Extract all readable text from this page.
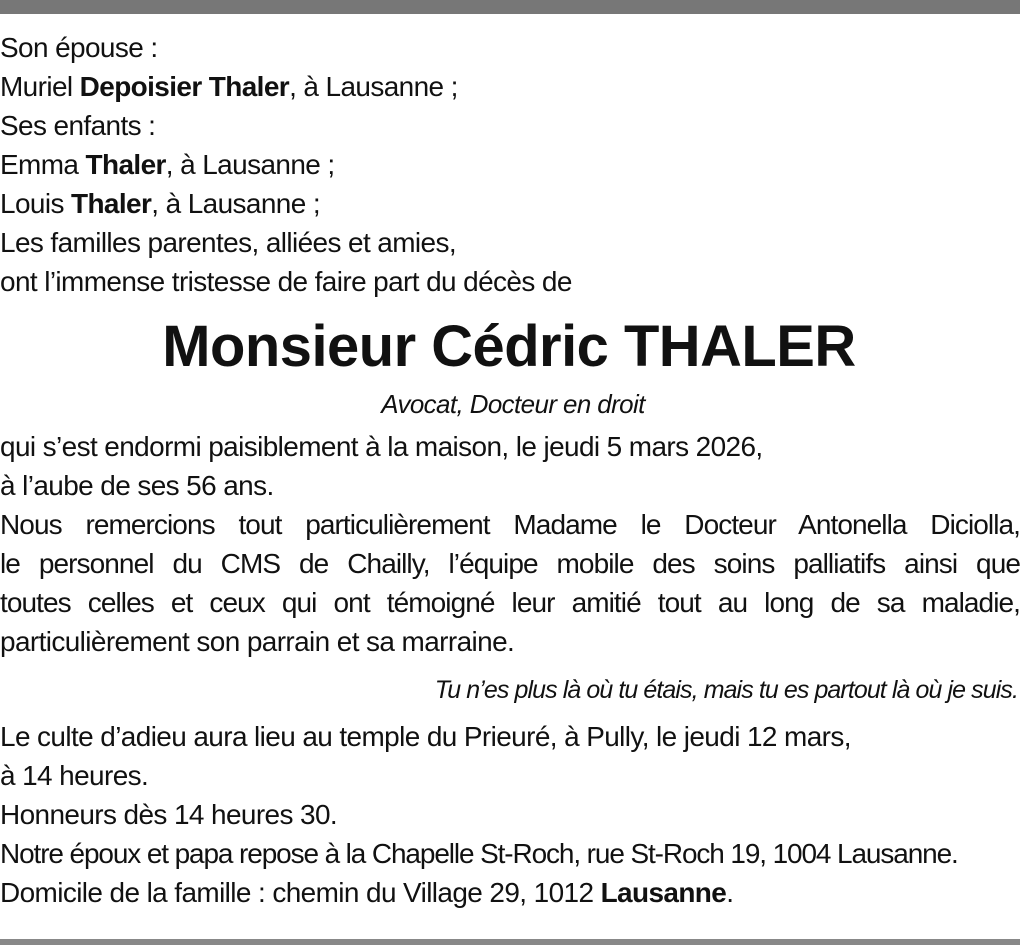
Son épouse :
Muriel Depoisier Thaler, à Lausanne ;
Ses enfants :
Emma Thaler, à Lausanne ;
Louis Thaler, à Lausanne ;
Les familles parentes, alliées et amies,
ont l’immense tristesse de faire part du décès de
Monsieur Cédric THALER
Avocat, Docteur en droit
qui s’est endormi paisiblement à la maison, le jeudi 5 mars 2026,
à l’aube de ses 56 ans.
Nous remercions tout particulièrement Madame le Docteur Antonella Diciolla,
le personnel du CMS de Chailly, l’équipe mobile des soins palliatifs ainsi que
toutes celles et ceux qui ont témoigné leur amitié tout au long de sa maladie,
particulièrement son parrain et sa marraine.
Tu n’es plus là où tu étais, mais tu es partout là où je suis.
Le culte d’adieu aura lieu au temple du Prieuré, à Pully, le jeudi 12 mars,
à 14 heures.
Honneurs dès 14 heures 30.
Notre époux et papa repose à la Chapelle St-Roch, rue St-Roch 19, 1004 Lausanne.
Domicile de la famille : chemin du Village 29, 1012 Lausanne.
